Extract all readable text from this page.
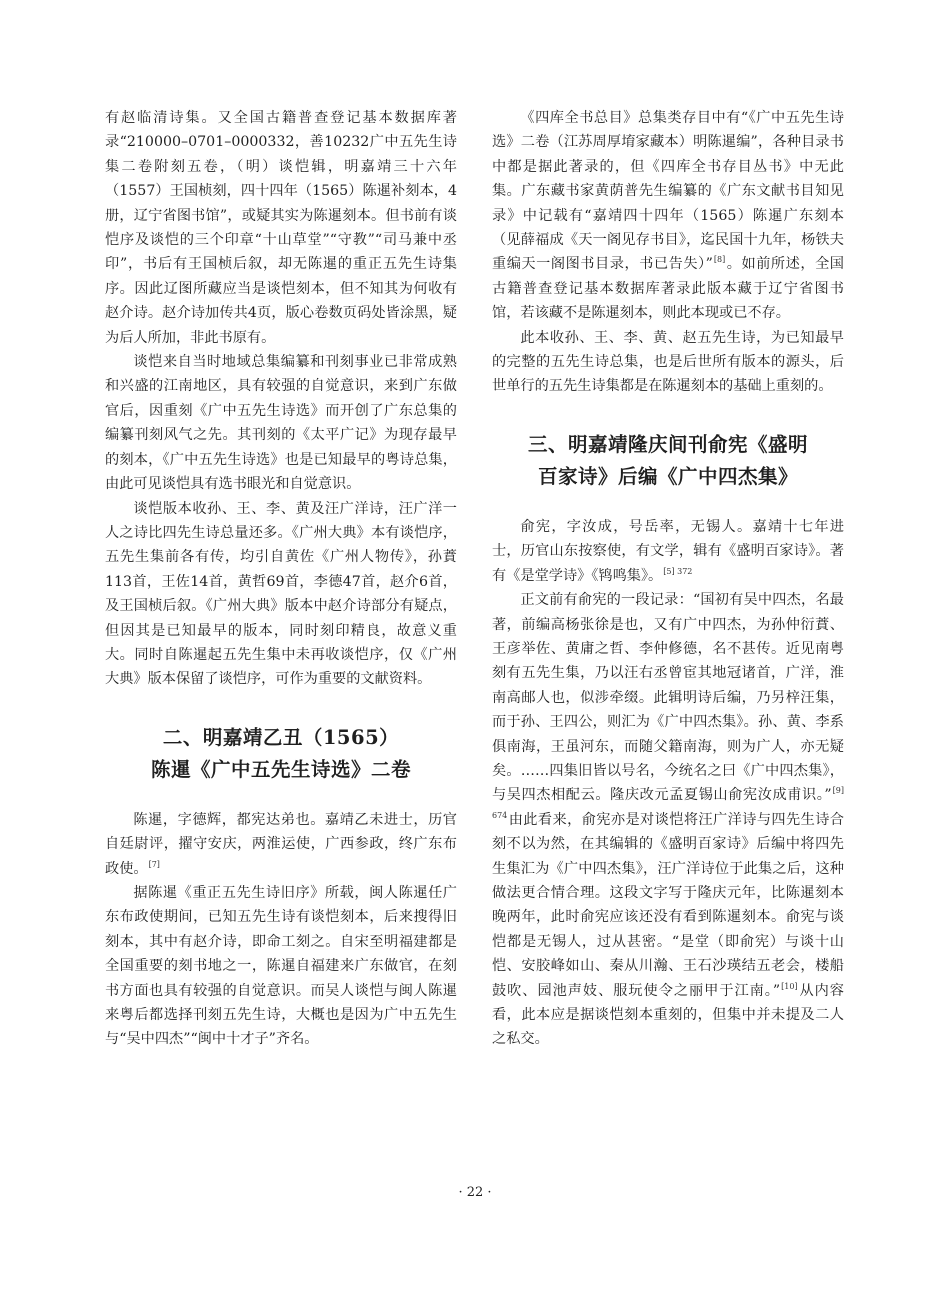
有赵临清诗集。又全国古籍普查登记基本数据库著录“210000–0701–0000332，善10232广中五先生诗集二卷附刻五卷，（明）谈恺辑，明嘉靖三十六年（1557）王国桢刻，四十四年（1565）陈暹补刻本，4册，辽宁省图书馆”，或疑其实为陈暹刻本。但书前有谈恺序及谈恺的三个印章“十山草堂”“守教”“司马兼中丞印”，书后有王国桢后叙，却无陈暹的重正五先生诗集序。因此辽图所藏应当是谈恺刻本，但不知其为何收有赵介诗。赵介诗加传共4页，版心卷数页码处皆涂黑，疑为后人所加，非此书原有。

谈恺来自当时地域总集编纂和刊刻事业已非常成熟和兴盛的江南地区，具有较强的自觉意识，来到广东做官后，因重刻《广中五先生诗选》而开创了广东总集的编纂刊刻风气之先。其刊刻的《太平广记》为现存最早的刻本，《广中五先生诗选》也是已知最早的粤诗总集，由此可见谈恺具有选书眼光和自觉意识。

谈恺版本收孙、王、李、黄及汪广洋诗，汪广洋一人之诗比四先生诗总量还多。《广州大典》本有谈恺序，五先生集前各有传，均引自黄佐《广州人物传》，孙蕡113首，王佐14首，黄哲69首，李德47首，赵介6首，及王国桢后叙。《广州大典》版本中赵介诗部分有疑点，但因其是已知最早的版本，同时刻印精良，故意义重大。同时自陈暹起五先生集中未再收谈恺序，仅《广州大典》版本保留了谈恺序，可作为重要的文献资料。

二、明嘉靖乙丑（1565）
陈暹《广中五先生诗选》二卷

陈暹，字德辉，都宪达弟也。嘉靖乙未进士，历官自廷尉评，擢守安庆，两淮运使，广西参政，终广东布政使。[7]

据陈暹《重正五先生诗旧序》所载，闽人陈暹任广东布政使期间，已知五先生诗有谈恺刻本，后来搜得旧刻本，其中有赵介诗，即命工刻之。自宋至明福建都是全国重要的刻书地之一，陈暹自福建来广东做官，在刻书方面也具有较强的自觉意识。而吴人谈恺与闽人陈暹来粤后都选择刊刻五先生诗，大概也是因为广中五先生与“吴中四杰”“闽中十才子”齐名。

《四库全书总目》总集类存目中有“《广中五先生诗选》二卷（江苏周厚堉家藏本）明陈暹编”，各种目录书中都是据此著录的，但《四库全书存目丛书》中无此集。广东藏书家黄荫普先生编纂的《广东文献书目知见录》中记载有“嘉靖四十四年（1565）陈暹广东刻本（见薛福成《天一阁见存书目》，迄民国十九年，杨铁夫重编天一阁图书目录，书已告失）”[8]。如前所述，全国古籍普查登记基本数据库著录此版本藏于辽宁省图书馆，若该藏不是陈暹刻本，则此本现或已不存。

此本收孙、王、李、黄、赵五先生诗，为已知最早的完整的五先生诗总集，也是后世所有版本的源头，后世单行的五先生诗集都是在陈暹刻本的基础上重刻的。

三、明嘉靖隆庆间刊俞宪《盛明
百家诗》后编《广中四杰集》

俞宪，字汝成，号岳率，无锡人。嘉靖十七年进士，历官山东按察使，有文学，辑有《盛明百家诗》。著有《是堂学诗》《鸨鸣集》。$^{[5] 372}$

正文前有俞宪的一段记录：“国初有吴中四杰，名最著，前编高杨张徐是也，又有广中四杰，为孙仲衍蕡、王彦举佐、黄庸之哲、李仲修德，名不甚传。近见南粤刻有五先生集，乃以汪右丞曾宦其地冠诸首，广洋，淮南高邮人也，似涉牵缀。此辑明诗后编，乃另梓汪集，而于孙、王四公，则汇为《广中四杰集》。孙、黄、李系俱南海，王虽河东，而随父籍南海，则为广人，亦无疑矣。……四集旧皆以号名，今统名之曰《广中四杰集》，与吴四杰相配云。隆庆改元孟夏锡山俞宪汝成甫识。”$^{[9] 674}$由此看来，俞宪亦是对谈恺将汪广洋诗与四先生诗合刻不以为然，在其编辑的《盛明百家诗》后编中将四先生集汇为《广中四杰集》，汪广洋诗位于此集之后，这种做法更合情合理。这段文字写于隆庆元年，比陈暹刻本晚两年，此时俞宪应该还没有看到陈暹刻本。俞宪与谈恺都是无锡人，过从甚密。“是堂（即俞宪）与谈十山恺、安胶峰如山、秦从川瀚、王石沙瑛结五老会，楼船鼓吹、园池声妓、服玩使令之丽甲于江南。”[10]从内容看，此本应是据谈恺刻本重刻的，但集中并未提及二人之私交。

· 22 ·
